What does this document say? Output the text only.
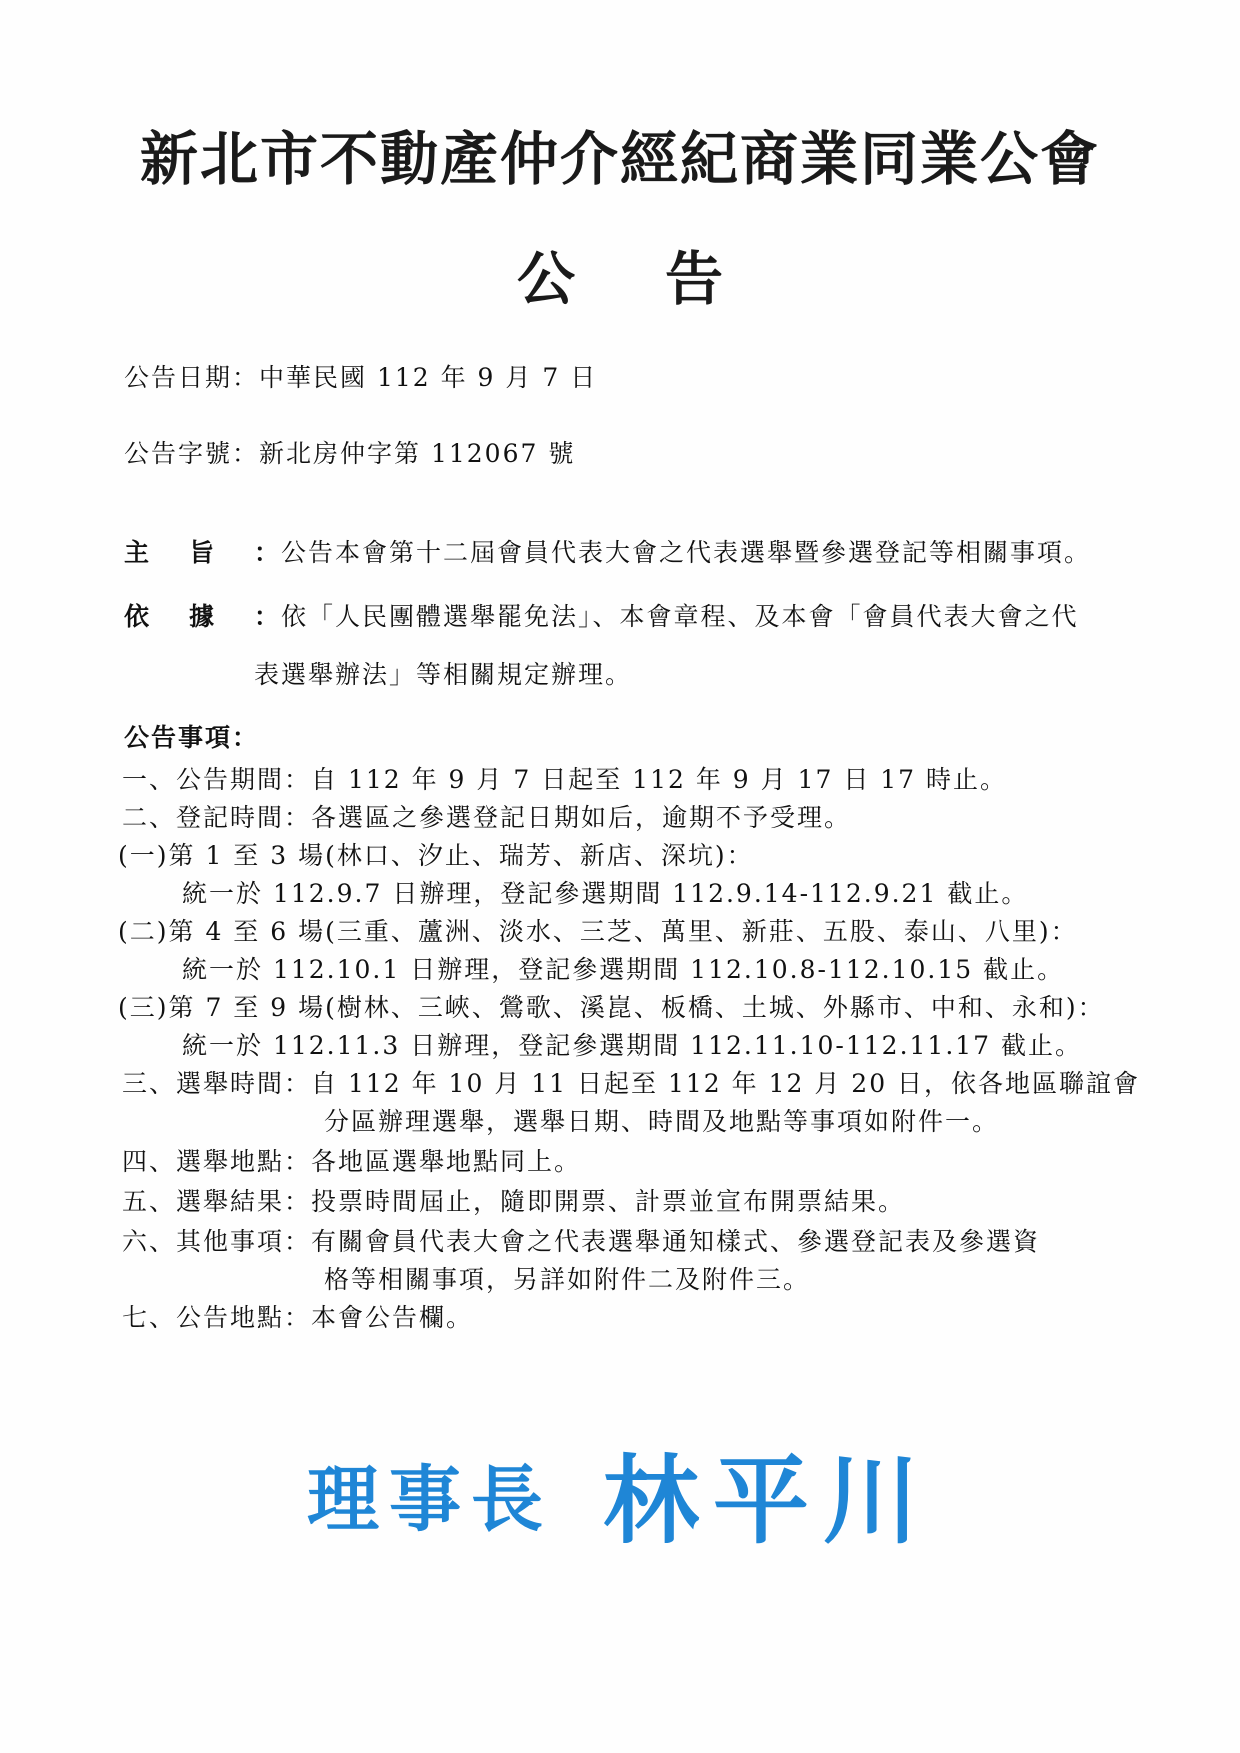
新北市不動產仲介經紀商業同業公會
公告
公告日期：中華民國 112 年 9 月 7 日
公告字號：新北房仲字第 112067 號
主旨：公告本會第十二屆會員代表大會之代表選舉暨參選登記等相關事項。
依據：依「人民團體選舉罷免法」、本會章程、及本會「會員代表大會之代
表選舉辦法」等相關規定辦理。
公告事項：
一、公告期間：自 112 年 9 月 7 日起至 112 年 9 月 17 日 17 時止。
二、登記時間：各選區之參選登記日期如后，逾期不予受理。
(一)第 1 至 3 場(林口、汐止、瑞芳、新店、深坑)：
統一於 112.9.7 日辦理，登記參選期間 112.9.14-112.9.21 截止。
(二)第 4 至 6 場(三重、蘆洲、淡水、三芝、萬里、新莊、五股、泰山、八里)：
統一於 112.10.1 日辦理，登記參選期間 112.10.8-112.10.15 截止。
(三)第 7 至 9 場(樹林、三峽、鶯歌、溪崑、板橋、土城、外縣市、中和、永和)：
統一於 112.11.3 日辦理，登記參選期間 112.11.10-112.11.17 截止。
三、選舉時間：自 112 年 10 月 11 日起至 112 年 12 月 20 日，依各地區聯誼會
分區辦理選舉，選舉日期、時間及地點等事項如附件一。
四、選舉地點：各地區選舉地點同上。
五、選舉結果：投票時間屆止，隨即開票、計票並宣布開票結果。
六、其他事項：有關會員代表大會之代表選舉通知樣式、參選登記表及參選資
格等相關事項，另詳如附件二及附件三。
七、公告地點：本會公告欄。
理事長 林平川
